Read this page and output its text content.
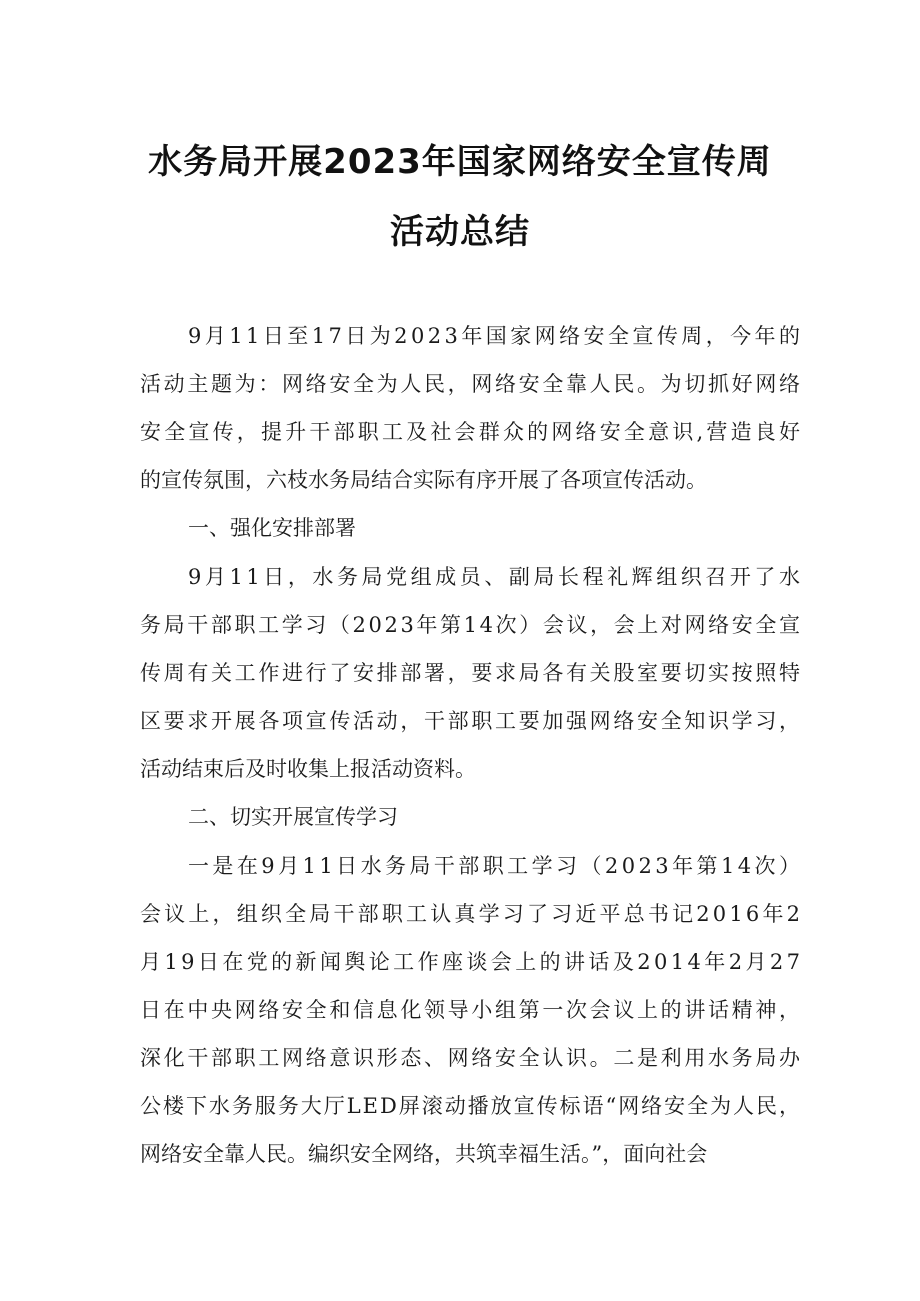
水务局开展2023年国家网络安全宣传周
活动总结
9月11日至17日为2023年国家网络安全宣传周，今年的
活动主题为：网络安全为人民，网络安全靠人民。为切抓好网络
安全宣传，提升干部职工及社会群众的网络安全意识,营造良好
的宣传氛围，六枝水务局结合实际有序开展了各项宣传活动。
一、强化安排部署
9月11日，水务局党组成员、副局长程礼辉组织召开了水
务局干部职工学习（2023年第14次）会议，会上对网络安全宣
传周有关工作进行了安排部署，要求局各有关股室要切实按照特
区要求开展各项宣传活动，干部职工要加强网络安全知识学习，
活动结束后及时收集上报活动资料。
二、切实开展宣传学习
一是在9月11日水务局干部职工学习（2023年第14次）
会议上，组织全局干部职工认真学习了习近平总书记2016年2
月19日在党的新闻舆论工作座谈会上的讲话及2014年2月27
日在中央网络安全和信息化领导小组第一次会议上的讲话精神，
深化干部职工网络意识形态、网络安全认识。二是利用水务局办
公楼下水务服务大厅LED屏滚动播放宣传标语“网络安全为人民，
网络安全靠人民。编织安全网络，共筑幸福生活。”，面向社会
